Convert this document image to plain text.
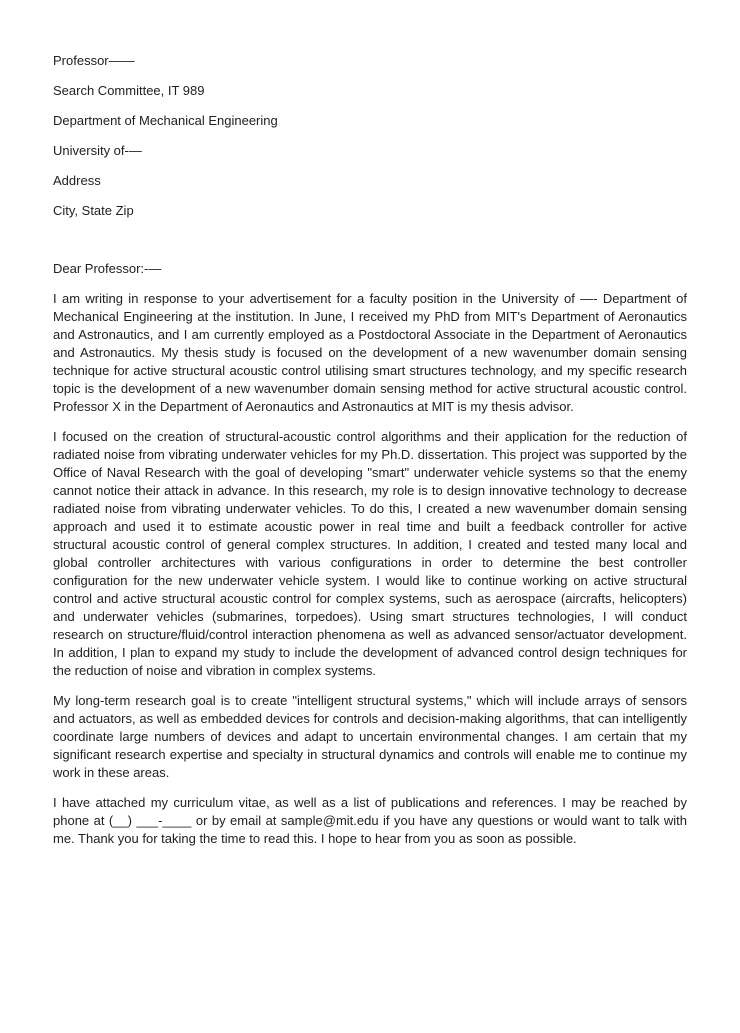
Professor——

Search Committee, IT 989

Department of Mechanical Engineering

University of-—

Address

City, State Zip

Dear Professor:-—

I am writing in response to your advertisement for a faculty position in the University of —- Department of Mechanical Engineering at the institution. In June, I received my PhD from MIT's Department of Aeronautics and Astronautics, and I am currently employed as a Postdoctoral Associate in the Department of Aeronautics and Astronautics. My thesis study is focused on the development of a new wavenumber domain sensing technique for active structural acoustic control utilising smart structures technology, and my specific research topic is the development of a new wavenumber domain sensing method for active structural acoustic control. Professor X in the Department of Aeronautics and Astronautics at MIT is my thesis advisor.

I focused on the creation of structural-acoustic control algorithms and their application for the reduction of radiated noise from vibrating underwater vehicles for my Ph.D. dissertation. This project was supported by the Office of Naval Research with the goal of developing "smart" underwater vehicle systems so that the enemy cannot notice their attack in advance. In this research, my role is to design innovative technology to decrease radiated noise from vibrating underwater vehicles. To do this, I created a new wavenumber domain sensing approach and used it to estimate acoustic power in real time and built a feedback controller for active structural acoustic control of general complex structures. In addition, I created and tested many local and global controller architectures with various configurations in order to determine the best controller configuration for the new underwater vehicle system. I would like to continue working on active structural control and active structural acoustic control for complex systems, such as aerospace (aircrafts, helicopters) and underwater vehicles (submarines, torpedoes). Using smart structures technologies, I will conduct research on structure/fluid/control interaction phenomena as well as advanced sensor/actuator development. In addition, I plan to expand my study to include the development of advanced control design techniques for the reduction of noise and vibration in complex systems.

My long-term research goal is to create "intelligent structural systems," which will include arrays of sensors and actuators, as well as embedded devices for controls and decision-making algorithms, that can intelligently coordinate large numbers of devices and adapt to uncertain environmental changes. I am certain that my significant research expertise and specialty in structural dynamics and controls will enable me to continue my work in these areas.

I have attached my curriculum vitae, as well as a list of publications and references. I may be reached by phone at (__) ___-____ or by email at sample@mit.edu if you have any questions or would want to talk with me. Thank you for taking the time to read this. I hope to hear from you as soon as possible.
